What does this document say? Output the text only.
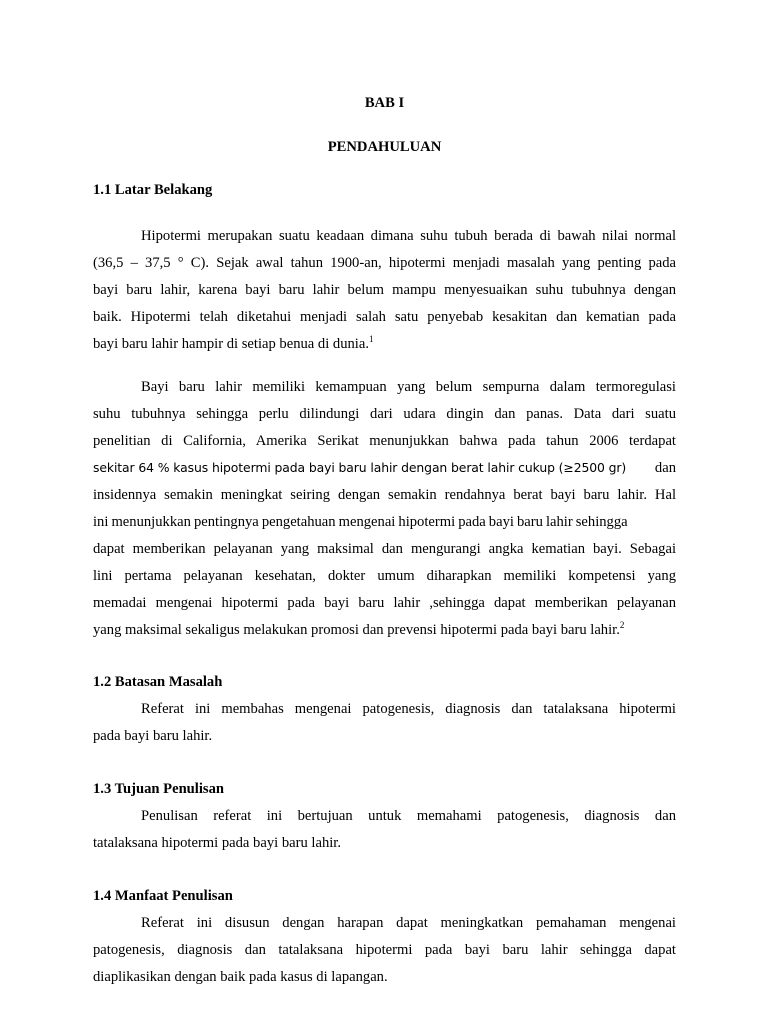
BAB I
PENDAHULUAN
1.1 Latar Belakang
Hipotermi merupakan suatu keadaan dimana suhu tubuh berada di bawah nilai normal
(36,5 – 37,5 ° C). Sejak awal tahun 1900-an, hipotermi menjadi masalah yang penting pada
bayi baru lahir, karena bayi baru lahir belum mampu menyesuaikan suhu tubuhnya dengan
baik. Hipotermi telah diketahui menjadi salah satu penyebab kesakitan dan kematian pada
bayi baru lahir hampir di setiap benua di dunia.$^1$
Bayi baru lahir memiliki kemampuan yang belum sempurna dalam termoregulasi
suhu tubuhnya sehingga perlu dilindungi dari udara dingin dan panas. Data dari suatu
penelitian di California, Amerika Serikat menunjukkan bahwa pada tahun 2006 terdapat
sekitar 64 % kasus hipotermi pada bayi baru lahir dengan berat lahir cukup (≥2500 gr) dan
insidennya semakin meningkat seiring dengan semakin rendahnya berat bayi baru lahir. Hal
ini menunjukkan pentingnya pengetahuan mengenai hipotermi pada bayi baru lahir sehingga
dapat memberikan pelayanan yang maksimal dan mengurangi angka kematian bayi. Sebagai
lini pertama pelayanan kesehatan, dokter umum diharapkan memiliki kompetensi yang
memadai mengenai hipotermi pada bayi baru lahir ,sehingga dapat memberikan pelayanan
yang maksimal sekaligus melakukan promosi dan prevensi hipotermi pada bayi baru lahir.$^2$
1.2 Batasan Masalah
Referat ini membahas mengenai patogenesis, diagnosis dan tatalaksana hipotermi
pada bayi baru lahir.
1.3 Tujuan Penulisan
Penulisan referat ini bertujuan untuk memahami patogenesis, diagnosis dan
tatalaksana hipotermi pada bayi baru lahir.
1.4 Manfaat Penulisan
Referat ini disusun dengan harapan dapat meningkatkan pemahaman mengenai
patogenesis, diagnosis dan tatalaksana hipotermi pada bayi baru lahir sehingga dapat
diaplikasikan dengan baik pada kasus di lapangan.
